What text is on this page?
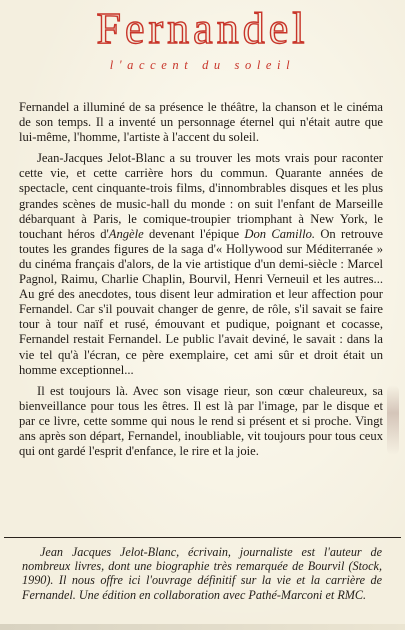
Fernandel
l'accent du soleil

Fernandel a illuminé de sa présence le théâtre, la chanson et le cinéma de son temps. Il a inventé un personnage éternel qui n'était autre que lui-même, l'homme, l'artiste à l'accent du soleil.

Jean-Jacques Jelot-Blanc a su trouver les mots vrais pour raconter cette vie, et cette carrière hors du commun. Quarante années de spectacle, cent cinquante-trois films, d'innombrables disques et les plus grandes scènes de music-hall du monde : on suit l'enfant de Marseille débarquant à Paris, le comique-troupier triomphant à New York, le touchant héros d'Angèle devenant l'épique Don Camillo. On retrouve toutes les grandes figures de la saga d'« Hollywood sur Méditerranée » du cinéma français d'alors, de la vie artistique d'un demi-siècle : Marcel Pagnol, Raimu, Charlie Chaplin, Bourvil, Henri Verneuil et les autres... Au gré des anecdotes, tous disent leur admiration et leur affection pour Fernandel. Car s'il pouvait changer de genre, de rôle, s'il savait se faire tour à tour naïf et rusé, émouvant et pudique, poignant et cocasse, Fernandel restait Fernandel. Le public l'avait deviné, le savait : dans la vie tel qu'à l'écran, ce père exemplaire, cet ami sûr et droit était un homme exceptionnel...

Il est toujours là. Avec son visage rieur, son cœur chaleureux, sa bienveillance pour tous les êtres. Il est là par l'image, par le disque et par ce livre, cette somme qui nous le rend si présent et si proche. Vingt ans après son départ, Fernandel, inoubliable, vit toujours pour tous ceux qui ont gardé l'esprit d'enfance, le rire et la joie.

Jean Jacques Jelot-Blanc, écrivain, journaliste est l'auteur de nombreux livres, dont une biographie très remarquée de Bourvil (Stock, 1990). Il nous offre ici l'ouvrage définitif sur la vie et la carrière de Fernandel. Une édition en collaboration avec Pathé-Marconi et RMC.
